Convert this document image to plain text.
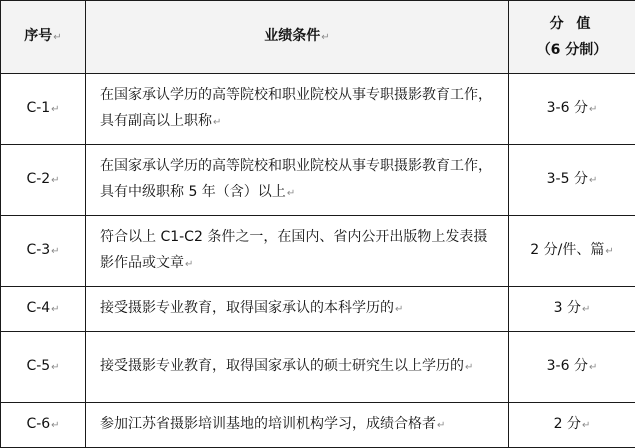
序号↵	业绩条件↵	分 值
（6 分制）

C-1↵	在国家承认学历的高等院校和职业院校从事专职摄影教育工作，具有副高以上职称↵	3-6 分↵
C-2↵	在国家承认学历的高等院校和职业院校从事专职摄影教育工作，具有中级职称 5 年（含）以上↵	3-5 分↵
C-3↵	符合以上 C1-C2 条件之一，在国内、省内公开出版物上发表摄影作品或文章↵	2 分/件、篇↵
C-4↵	接受摄影专业教育，取得国家承认的本科学历的↵	3 分↵
C-5↵	接受摄影专业教育，取得国家承认的硕士研究生以上学历的↵	3-6 分↵
C-6↵	参加江苏省摄影培训基地的培训机构学习，成绩合格者↵	2 分↵
